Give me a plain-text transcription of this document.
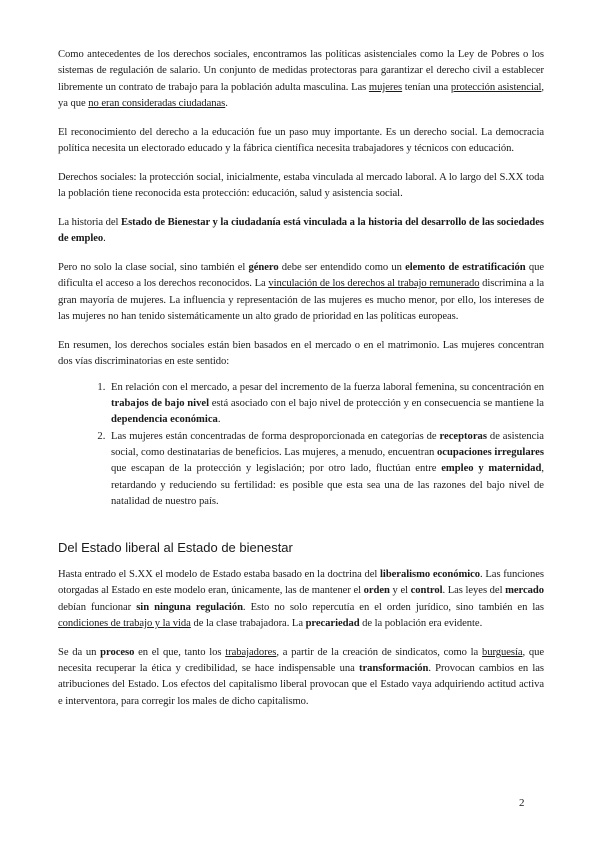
Como antecedentes de los derechos sociales, encontramos las políticas asistenciales como la Ley de Pobres o los sistemas de regulación de salario. Un conjunto de medidas protectoras para garantizar el derecho civil a establecer libremente un contrato de trabajo para la población adulta masculina. Las mujeres tenían una protección asistencial, ya que no eran consideradas ciudadanas.

El reconocimiento del derecho a la educación fue un paso muy importante. Es un derecho social. La democracia política necesita un electorado educado y la fábrica científica necesita trabajadores y técnicos con educación.

Derechos sociales: la protección social, inicialmente, estaba vinculada al mercado laboral. A lo largo del S.XX toda la población tiene reconocida esta protección: educación, salud y asistencia social.

La historia del Estado de Bienestar y la ciudadanía está vinculada a la historia del desarrollo de las sociedades de empleo.

Pero no solo la clase social, sino también el género debe ser entendido como un elemento de estratificación que dificulta el acceso a los derechos reconocidos. La vinculación de los derechos al trabajo remunerado discrimina a la gran mayoría de mujeres. La influencia y representación de las mujeres es mucho menor, por ello, los intereses de las mujeres no han tenido sistemáticamente un alto grado de prioridad en las políticas europeas.

En resumen, los derechos sociales están bien basados en el mercado o en el matrimonio. Las mujeres concentran dos vías discriminatorias en este sentido:

1. En relación con el mercado, a pesar del incremento de la fuerza laboral femenina, su concentración en trabajos de bajo nivel está asociado con el bajo nivel de protección y en consecuencia se mantiene la dependencia económica.
2. Las mujeres están concentradas de forma desproporcionada en categorías de receptoras de asistencia social, como destinatarias de beneficios. Las mujeres, a menudo, encuentran ocupaciones irregulares que escapan de la protección y legislación; por otro lado, fluctúan entre empleo y maternidad, retardando y reduciendo su fertilidad: es posible que esta sea una de las razones del bajo nivel de natalidad de nuestro país.
Del Estado liberal al Estado de bienestar

Hasta entrado el S.XX el modelo de Estado estaba basado en la doctrina del liberalismo económico. Las funciones otorgadas al Estado en este modelo eran, únicamente, las de mantener el orden y el control. Las leyes del mercado debían funcionar sin ninguna regulación. Esto no solo repercutía en el orden jurídico, sino también en las condiciones de trabajo y la vida de la clase trabajadora. La precariedad de la población era evidente.

Se da un proceso en el que, tanto los trabajadores, a partir de la creación de sindicatos, como la burguesía, que necesita recuperar la ética y credibilidad, se hace indispensable una transformación. Provocan cambios en las atribuciones del Estado. Los efectos del capitalismo liberal provocan que el Estado vaya adquiriendo actitud activa e interventora, para corregir los males de dicho capitalismo.

2
